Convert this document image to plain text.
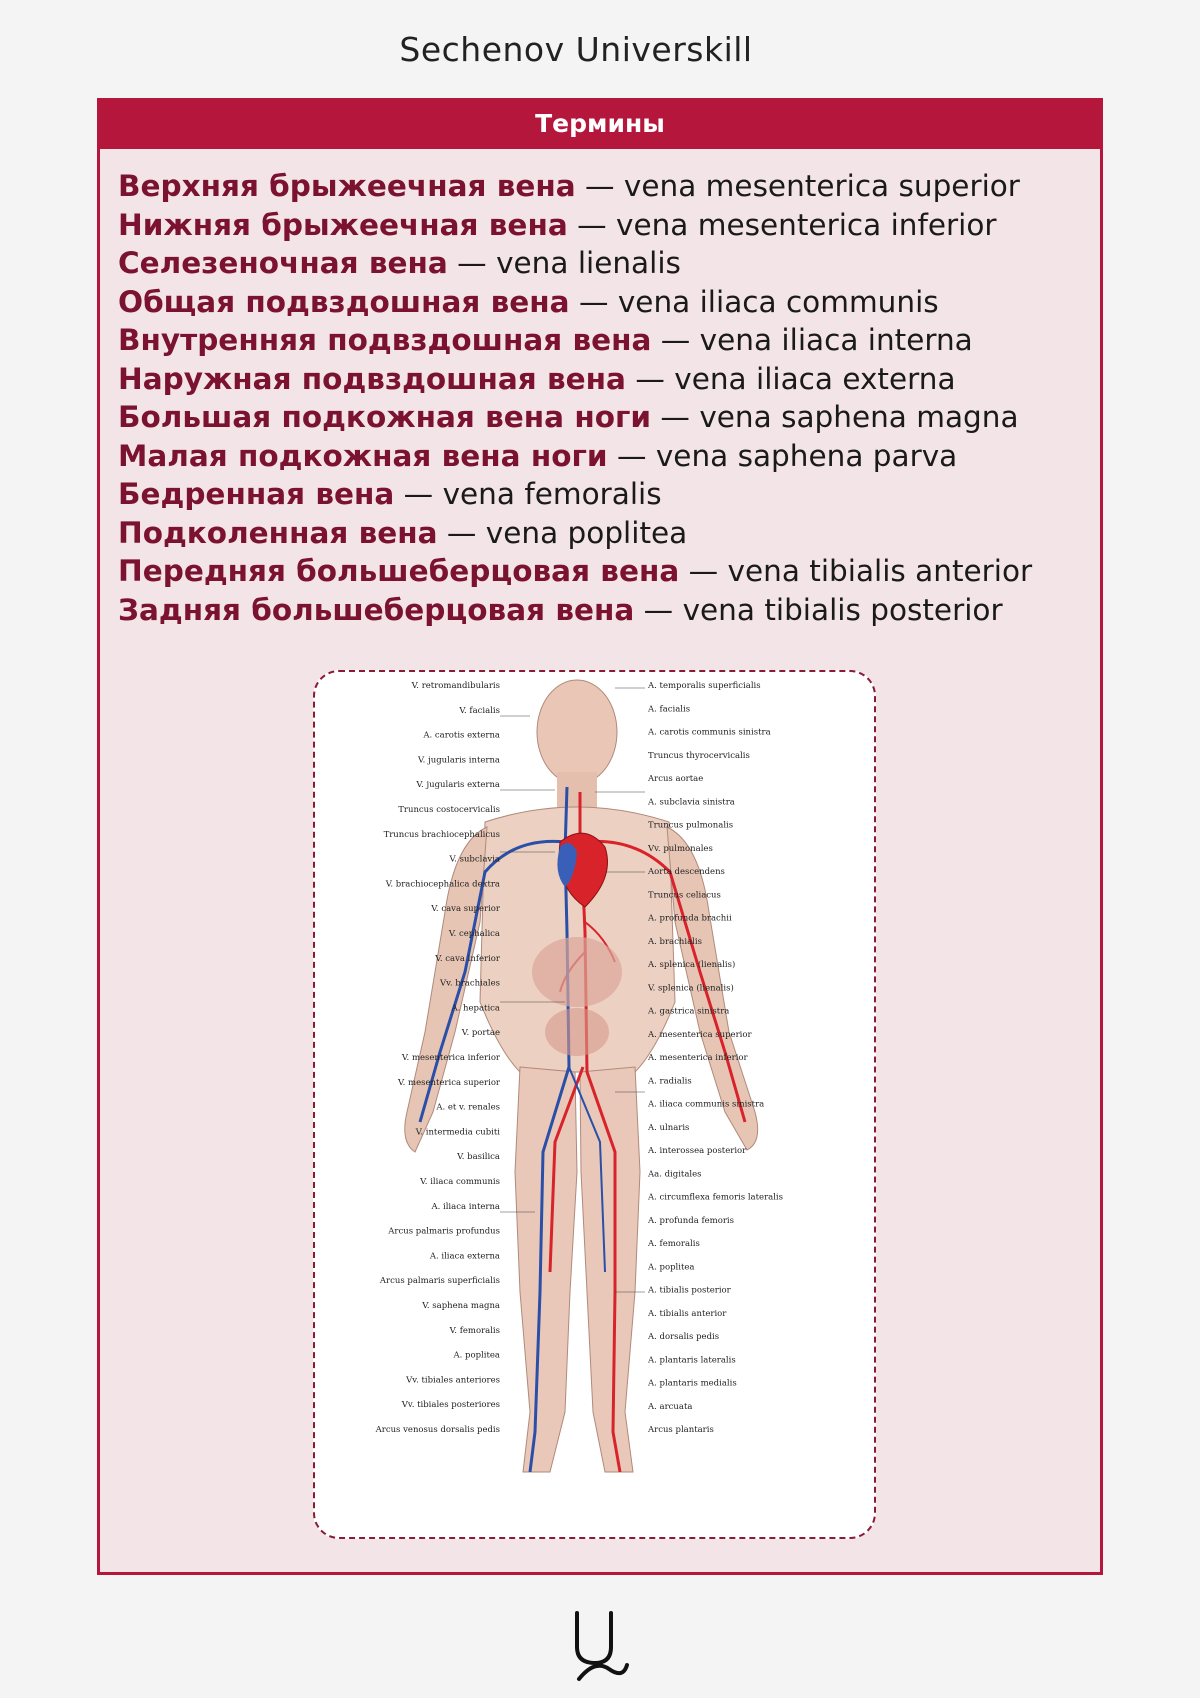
Sechenov Universkill
Термины
Верхняя брыжеечная вена — vena mesenterica superior
Нижняя брыжеечная вена — vena mesenterica inferior
Селезеночная вена — vena lienalis
Общая подвздошная вена — vena iliaca communis
Внутренняя подвздошная вена — vena iliaca interna
Наружная подвздошная вена — vena iliaca externa
Большая подкожная вена ноги — vena saphena magna
Малая подкожная вена ноги — vena saphena parva
Бедренная вена — vena femoralis
Подколенная вена — vena poplitea
Передняя большеберцовая вена — vena tibialis anterior
Задняя большеберцовая вена — vena tibialis posterior
V. retromandibularis
V. facialis
A. carotis externa
V. jugularis interna
V. jugularis externa
Truncus costocervicalis
Truncus brachiocephalicus
V. subclavia
V. brachiocephalica dextra
V. cava superior
V. cephalica
V. cava inferior
Vv. brachiales
A. hepatica
V. portae
V. mesenterica inferior
V. mesenterica superior
A. et v. renales
V. intermedia cubiti
V. basilica
V. iliaca communis
A. iliaca interna
Arcus palmaris profundus
A. iliaca externa
Arcus palmaris superficialis
V. saphena magna
V. femoralis
A. poplitea
Vv. tibiales anteriores
Vv. tibiales posteriores
Arcus venosus dorsalis pedis
A. temporalis superficialis
A. facialis
A. carotis communis sinistra
Truncus thyrocervicalis
Arcus aortae
A. subclavia sinistra
Truncus pulmonalis
Vv. pulmonales
Aorta descendens
Truncus celiacus
A. profunda brachii
A. brachialis
A. splenica (lienalis)
V. splenica (lienalis)
A. gastrica sinistra
A. mesenterica superior
A. mesenterica inferior
A. radialis
A. iliaca communis sinistra
A. ulnaris
A. interossea posterior
Aa. digitales
A. circumflexa femoris lateralis
A. profunda femoris
A. femoralis
A. poplitea
A. tibialis posterior
A. tibialis anterior
A. dorsalis pedis
A. plantaris lateralis
A. plantaris medialis
A. arcuata
Arcus plantaris
